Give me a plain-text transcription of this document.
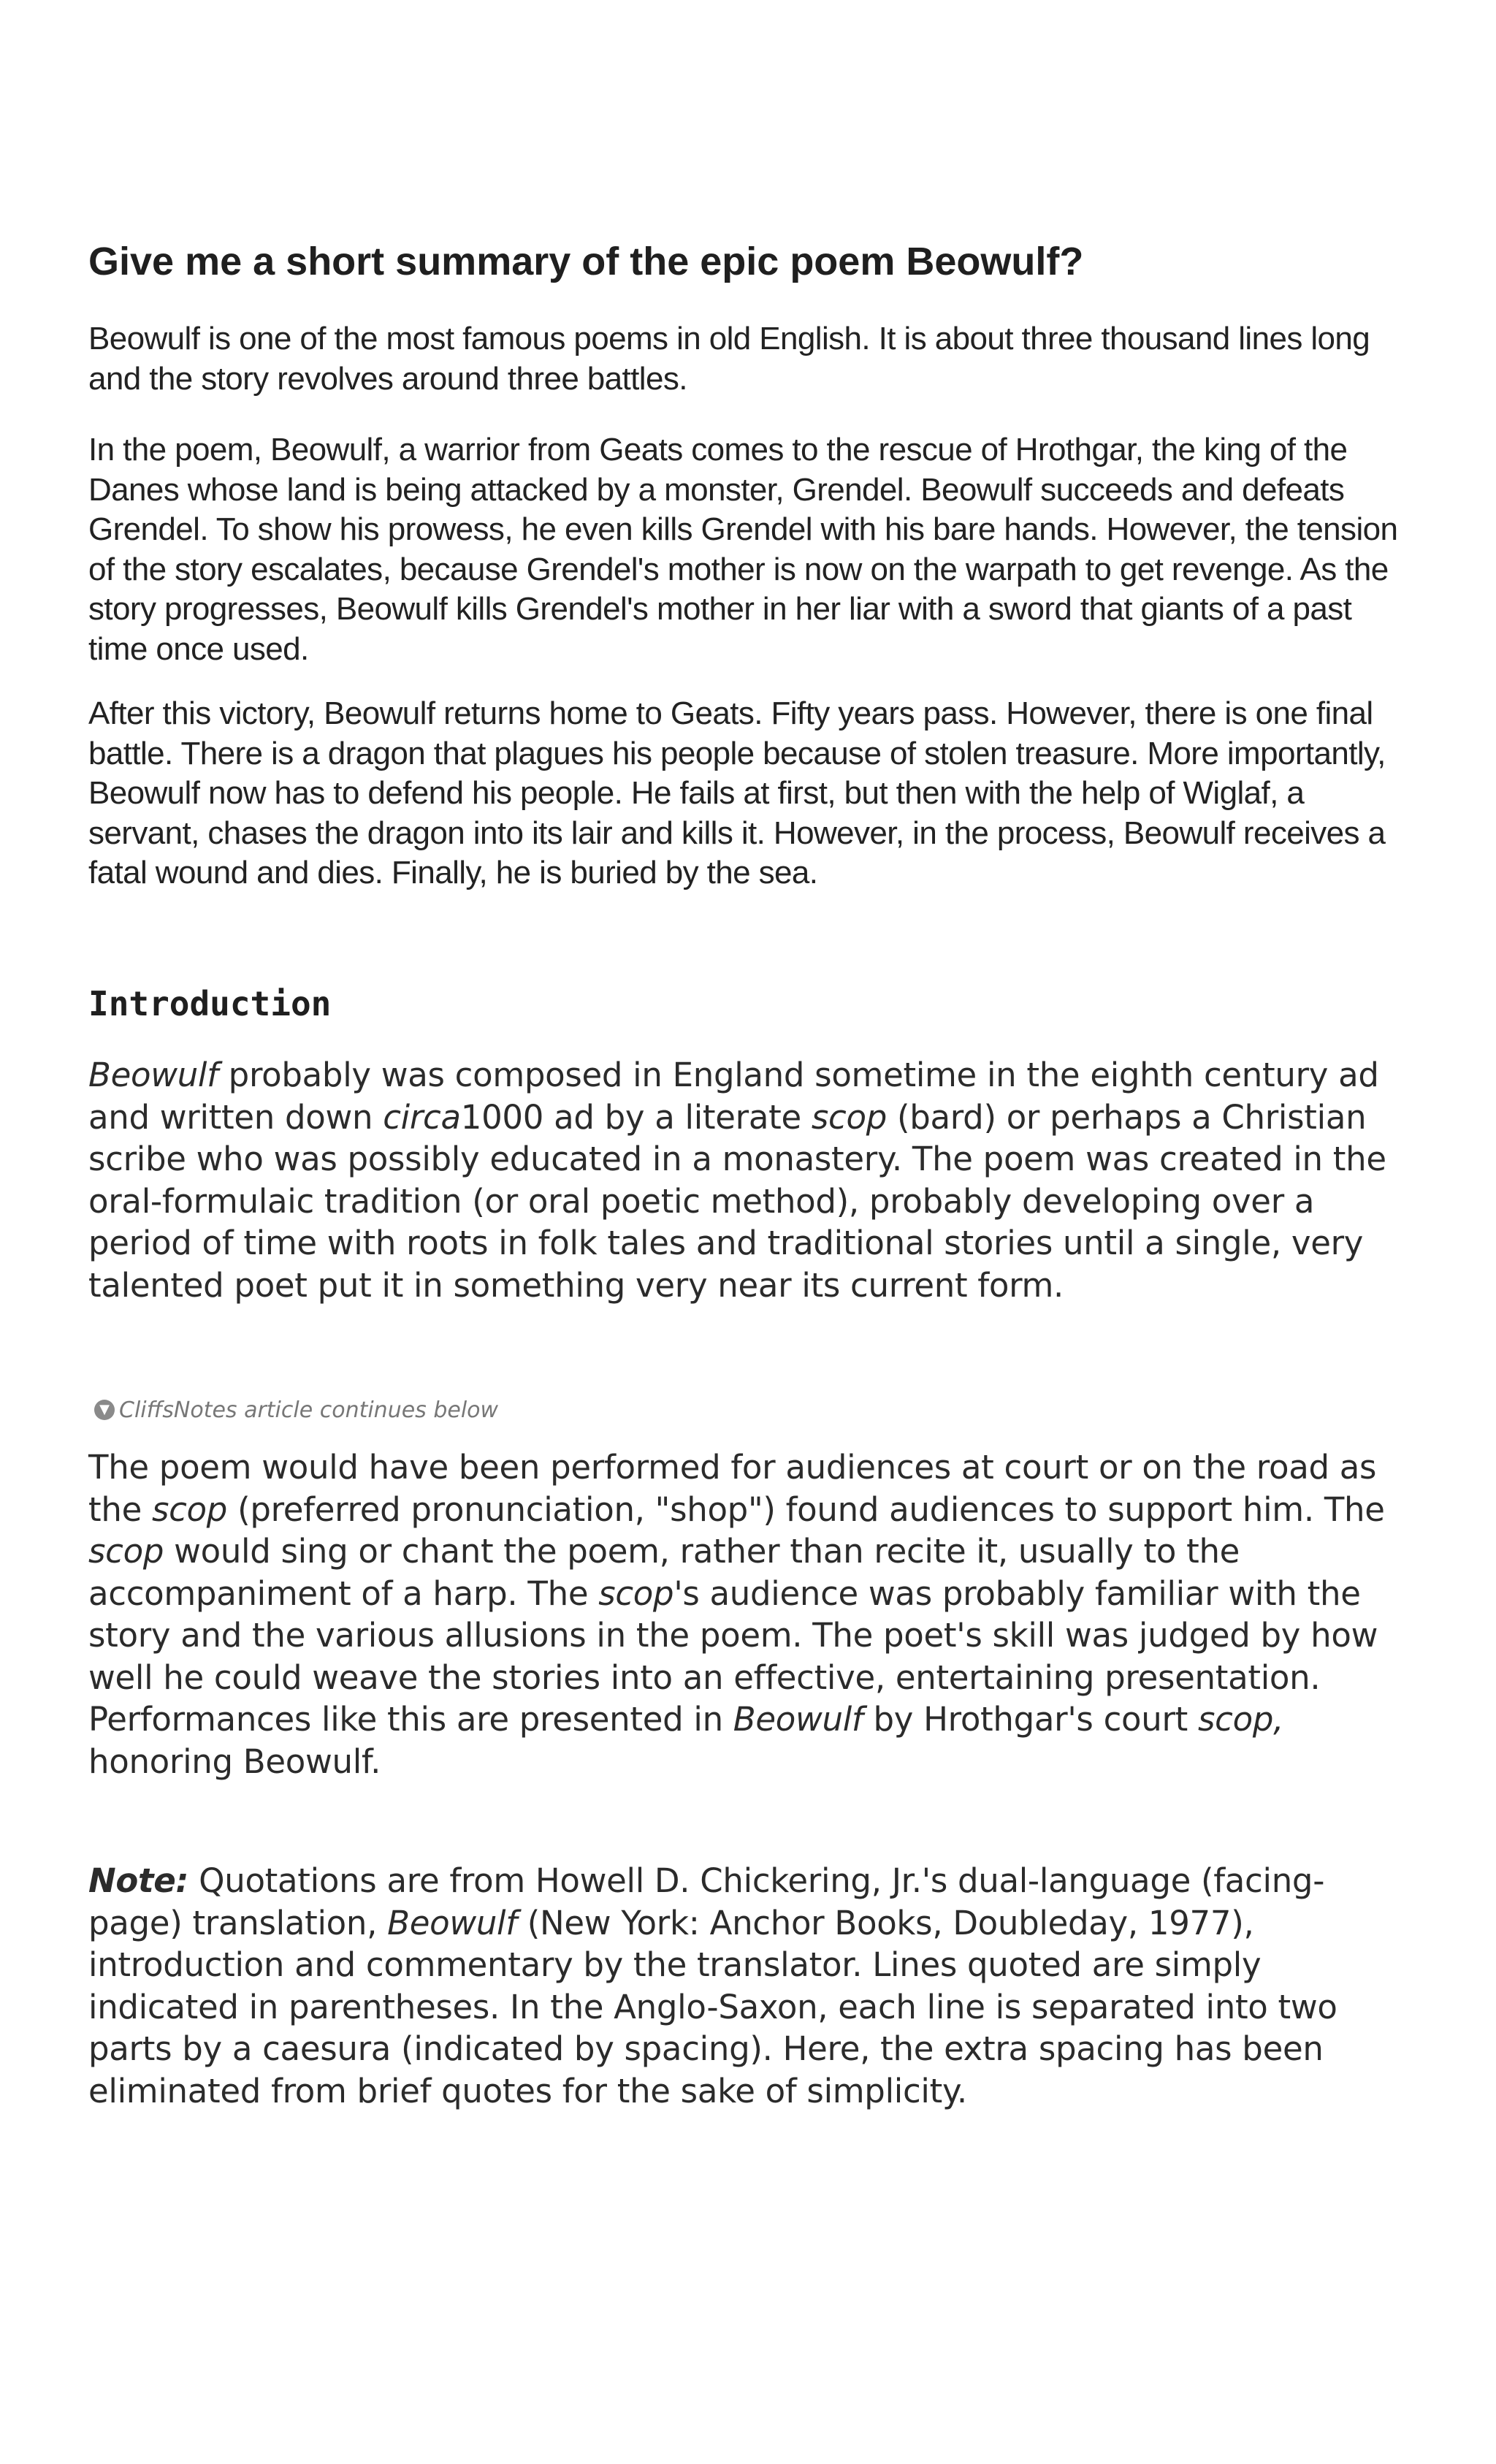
Give me a short summary of the epic poem Beowulf?

Beowulf is one of the most famous poems in old English. It is about three thousand lines long and the story revolves around three battles.

In the poem, Beowulf, a warrior from Geats comes to the rescue of Hrothgar, the king of the Danes whose land is being attacked by a monster, Grendel. Beowulf succeeds and defeats Grendel. To show his prowess, he even kills Grendel with his bare hands. However, the tension of the story escalates, because Grendel's mother is now on the warpath to get revenge. As the story progresses, Beowulf kills Grendel's mother in her liar with a sword that giants of a past time once used.

After this victory, Beowulf returns home to Geats. Fifty years pass. However, there is one final battle. There is a dragon that plagues his people because of stolen treasure. More importantly, Beowulf now has to defend his people. He fails at first, but then with the help of Wiglaf, a servant, chases the dragon into its lair and kills it. However, in the process, Beowulf receives a fatal wound and dies. Finally, he is buried by the sea.

Introduction

Beowulf probably was composed in England sometime in the eighth century ad and written down circa1000 ad by a literate scop (bard) or perhaps a Christian scribe who was possibly educated in a monastery. The poem was created in the oral-formulaic tradition (or oral poetic method), probably developing over a period of time with roots in folk tales and traditional stories until a single, very talented poet put it in something very near its current form.

▼ CliffsNotes article continues below

The poem would have been performed for audiences at court or on the road as the scop (preferred pronunciation, "shop") found audiences to support him. The scop would sing or chant the poem, rather than recite it, usually to the accompaniment of a harp. The scop's audience was probably familiar with the story and the various allusions in the poem. The poet's skill was judged by how well he could weave the stories into an effective, entertaining presentation. Performances like this are presented in Beowulf by Hrothgar's court scop, honoring Beowulf.

Note: Quotations are from Howell D. Chickering, Jr.'s dual-language (facing-page) translation, Beowulf (New York: Anchor Books, Doubleday, 1977), introduction and commentary by the translator. Lines quoted are simply indicated in parentheses. In the Anglo-Saxon, each line is separated into two parts by a caesura (indicated by spacing). Here, the extra spacing has been eliminated from brief quotes for the sake of simplicity.
